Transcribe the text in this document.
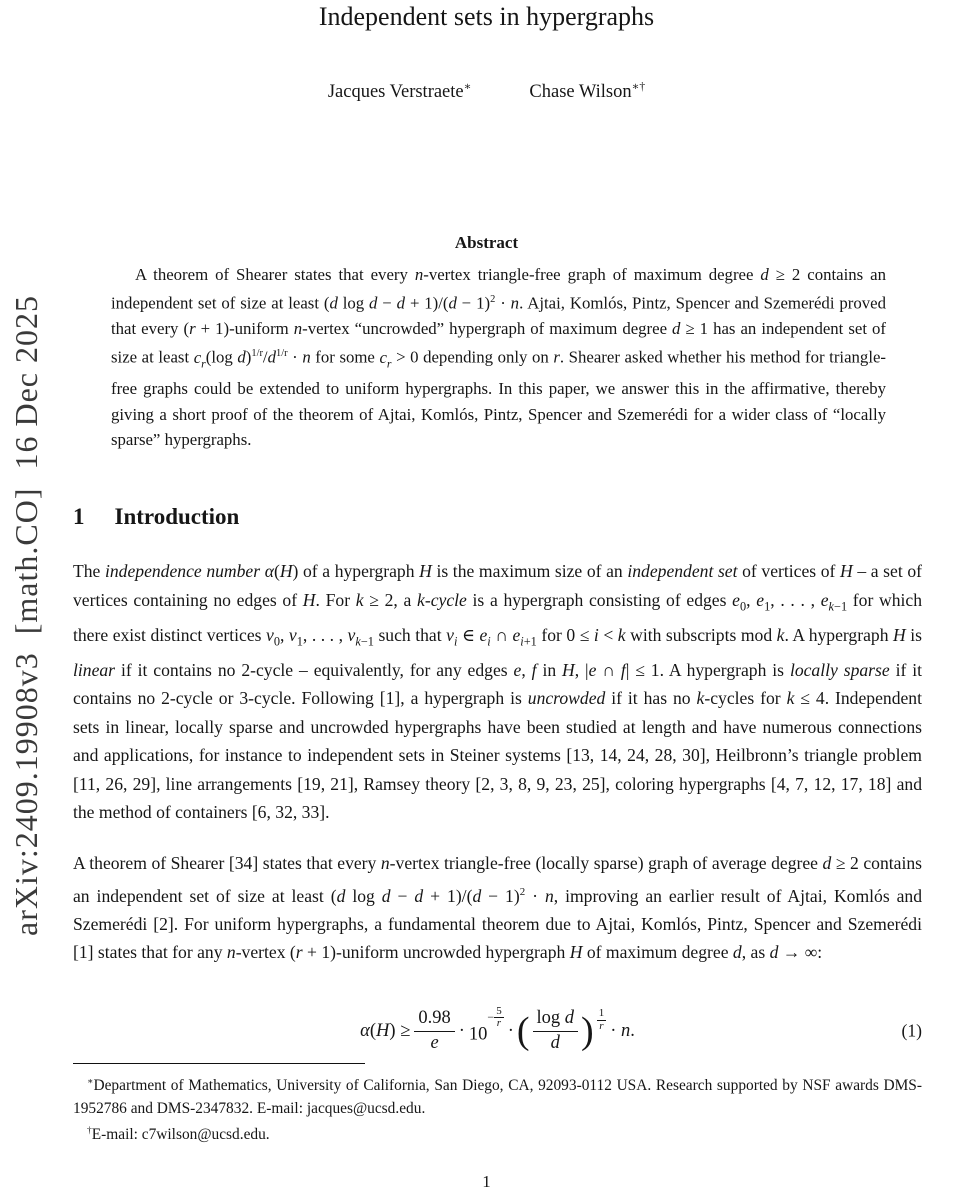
arXiv:2409.19908v3  [math.CO]  16 Dec 2025
Independent sets in hypergraphs
Jacques Verstraete∗	Chase Wilson∗†
Abstract

A theorem of Shearer states that every n-vertex triangle-free graph of maximum degree d ≥ 2 contains an independent set of size at least (d $\log d - d + 1)/(d - 1)^2 \cdot n$. Ajtai, Komlós, Pintz, Spencer and Szemerédi proved that every (r + 1)-uniform n-vertex “uncrowded” hypergraph of maximum degree d ≥ 1 has an independent set of size at least $c_r(\log$ $d)^{1/r}/d^{1/r} \cdot n$ for some $c_r > 0$ depending only on r. Shearer asked whether his method for triangle-free graphs could be extended to uniform hypergraphs. In this paper, we answer this in the affirmative, thereby giving a short proof of the theorem of Ajtai, Komlós, Pintz, Spencer and Szemerédi for a wider class of “locally sparse” hypergraphs.

1 Introduction

The independence number α(H) of a hypergraph H is the maximum size of an independent set of vertices of H – a set of vertices containing no edges of H. For k ≥ 2, a k-cycle is a hypergraph consisting of edges $e_0$, $e_1$, . . . , $e_{k-1}$ for which there exist distinct vertices $v_0$, $v_1$, . . . , $v_{k-1}$ such that $v_i$ ∈ $e_i$ ∩ $e_{i+1}$ for 0 ≤ i < k with subscripts mod k. A hypergraph H is linear if it contains no 2-cycle – equivalently, for any edges e, f in H, |e ∩ f| ≤ 1. A hypergraph is locally sparse if it contains no 2-cycle or 3-cycle. Following [1], a hypergraph is uncrowded if it has no k-cycles for k ≤ 4. Independent sets in linear, locally sparse and uncrowded hypergraphs have been studied at length and have numerous connections and applications, for instance to independent sets in Steiner systems [13, 14, 24, 28, 30], Heilbronn’s triangle problem [11, 26, 29], line arrangements [19, 21], Ramsey theory [2, 3, 8, 9, 23, 25], coloring hypergraphs [4, 7, 12, 17, 18] and the method of containers [6, 32, 33].

A theorem of Shearer [34] states that every n-vertex triangle-free (locally sparse) graph of average degree d ≥ 2 contains an independent set of size at least (d $\log d - d + 1)/(d - 1)^2 \cdot n$, improving an earlier result of Ajtai, Komlós and Szemerédi [2]. For uniform hypergraphs, a fundamental theorem due to Ajtai, Komlós, Pintz, Spencer and Szemerédi [1] states that for any n-vertex (r + 1)-uniform uncrowded hypergraph H of maximum degree d, as d → ∞:

$\alpha(H) \ge \frac{0.98}{e} \cdot 10$
$^{- \frac{5}{r}}$
· ( $\frac{\text{log d}}{d}$ ) $^{\frac{1}{r}}$ · n.	(1)

∗Department of Mathematics, University of California, San Diego, CA, 92093-0112 USA. Research supported by NSF awards DMS-1952786 and DMS-2347832. E-mail: jacques@ucsd.edu.

†E-mail: c7wilson@ucsd.edu.

1
